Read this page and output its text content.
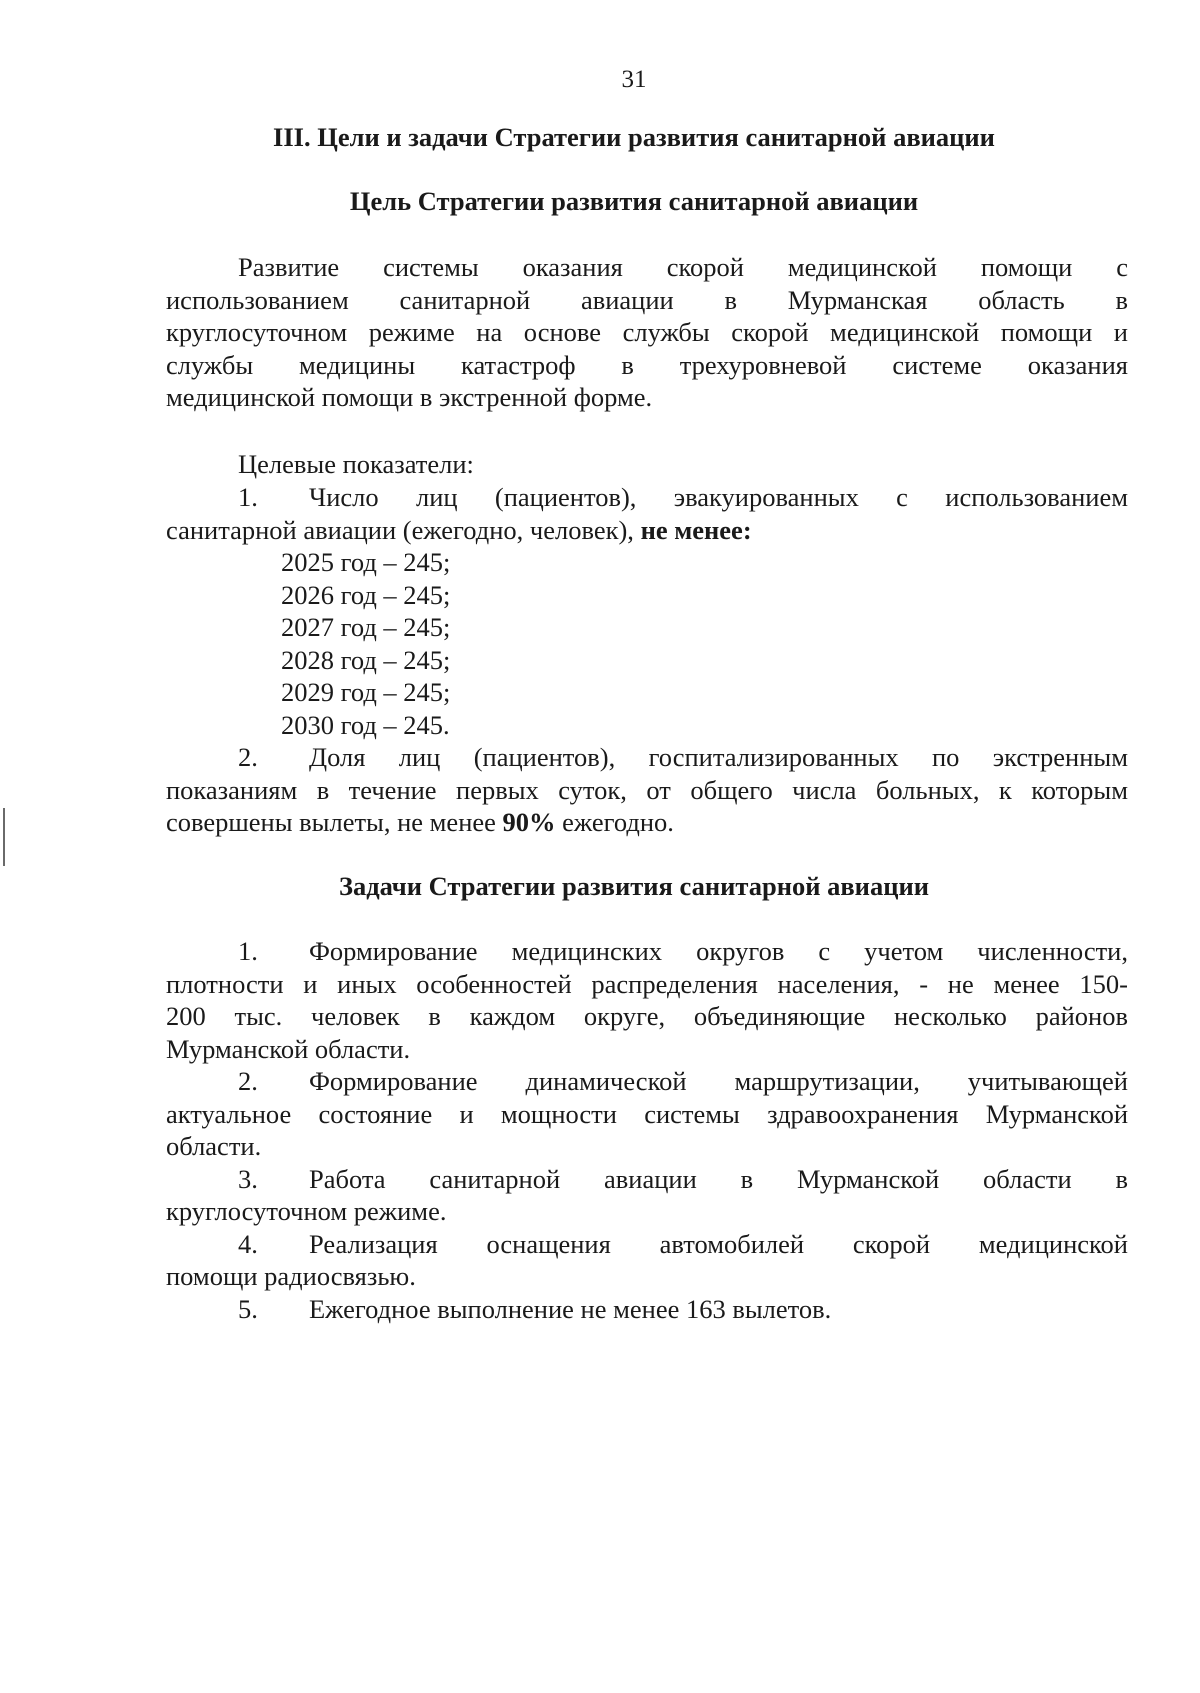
31
III. Цели и задачи Стратегии развития санитарной авиации
Цель Стратегии развития санитарной авиации
Развитие системы оказания скорой медицинской помощи с
использованием санитарной авиации в Мурманская область в
круглосуточном режиме на основе службы скорой медицинской помощи и
службы медицины катастроф в трехуровневой системе оказания
медицинской помощи в экстренной форме.
Целевые показатели:
1. Число лиц (пациентов), эвакуированных с использованием
санитарной авиации (ежегодно, человек), не менее:
2025 год – 245;
2026 год – 245;
2027 год – 245;
2028 год – 245;
2029 год – 245;
2030 год – 245.
2. Доля лиц (пациентов), госпитализированных по экстренным
показаниям в течение первых суток, от общего числа больных, к которым
совершены вылеты, не менее 90% ежегодно.
Задачи Стратегии развития санитарной авиации
1. Формирование медицинских округов с учетом численности,
плотности и иных особенностей распределения населения, - не менее 150-
200 тыс. человек в каждом округе, объединяющие несколько районов
Мурманской области.
2. Формирование динамической маршрутизации, учитывающей
актуальное состояние и мощности системы здравоохранения Мурманской
области.
3. Работа санитарной авиации в Мурманской области в
круглосуточном режиме.
4. Реализация оснащения автомобилей скорой медицинской
помощи радиосвязью.
5. Ежегодное выполнение не менее 163 вылетов.
